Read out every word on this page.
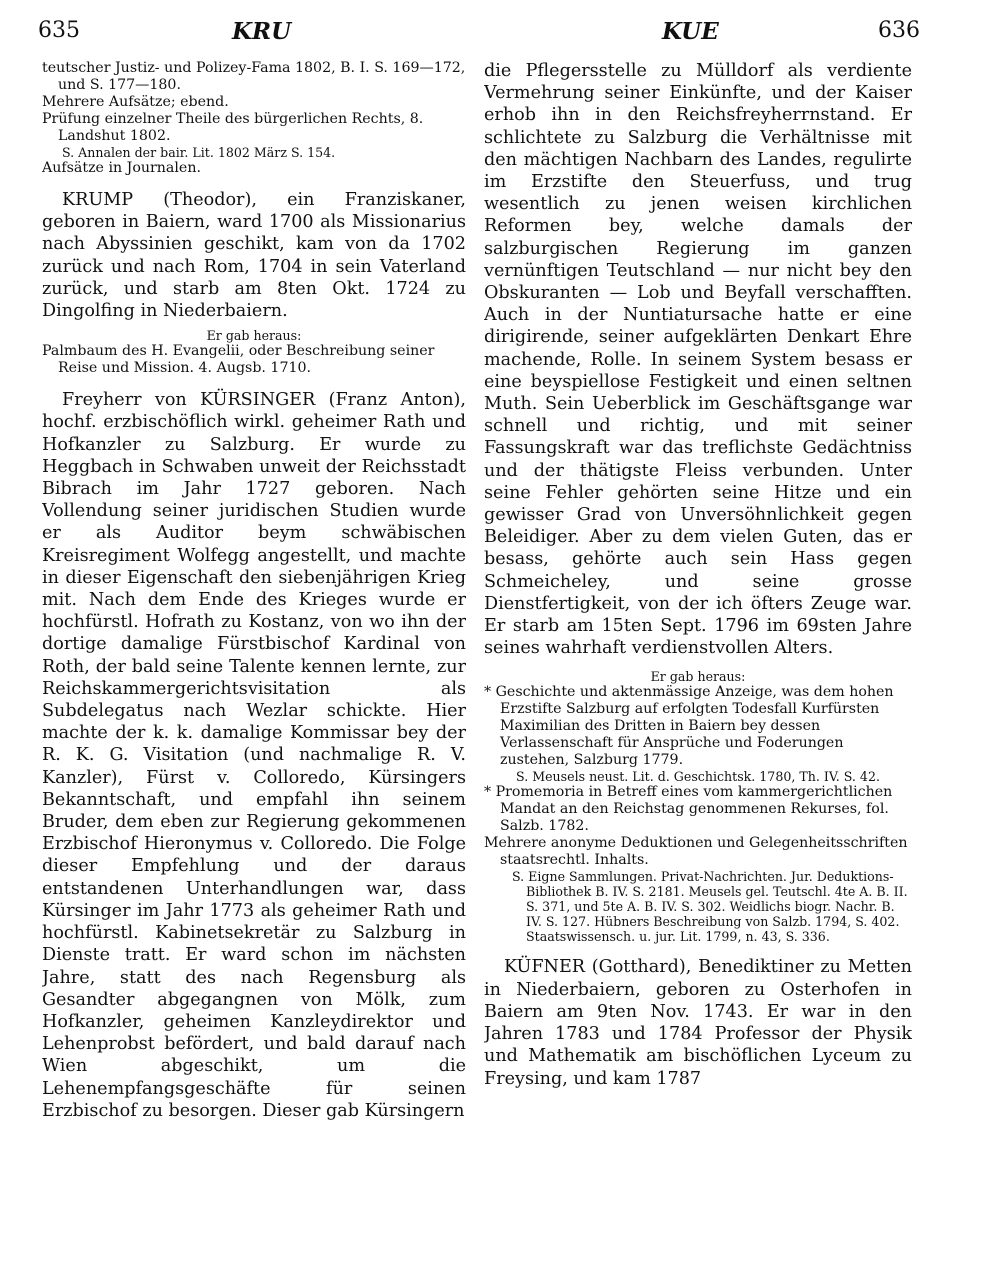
635	KRU	KUE	636

teutscher Justiz- und Polizey-Fama 1802, B. I. S. 169—172, und S. 177—180.

Mehrere Aufsätze; ebend.

Prüfung einzelner Theile des bürgerlichen Rechts, 8. Landshut 1802.

S. Annalen der bair. Lit. 1802 März S. 154.

Aufsätze in Journalen.

KRUMP (Theodor), ein Franziskaner, geboren in Baiern, ward 1700 als Missionarius nach Abyssinien geschikt, kam von da 1702 zurück und nach Rom, 1704 in sein Vaterland zurück, und starb am 8ten Okt. 1724 zu Dingolfing in Niederbaiern.

Er gab heraus:

Palmbaum des H. Evangelii, oder Beschreibung seiner Reise und Mission. 4. Augsb. 1710.

Freyherr von KÜRSINGER (Franz Anton), hochf. erzbischöflich wirkl. geheimer Rath und Hofkanzler zu Salzburg. Er wurde zu Heggbach in Schwaben unweit der Reichsstadt Bibrach im Jahr 1727 geboren. Nach Vollendung seiner juridischen Studien wurde er als Auditor beym schwäbischen Kreisregiment Wolfegg angestellt, und machte in dieser Eigenschaft den siebenjährigen Krieg mit. Nach dem Ende des Krieges wurde er hochfürstl. Hofrath zu Kostanz, von wo ihn der dortige damalige Fürstbischof Kardinal von Roth, der bald seine Talente kennen lernte, zur Reichskammergerichtsvisitation als Subdelegatus nach Wezlar schickte. Hier machte der k. k. damalige Kommissar bey der R. K. G. Visitation (und nachmalige R. V. Kanzler), Fürst v. Colloredo, Kürsingers Bekanntschaft, und empfahl ihn seinem Bruder, dem eben zur Regierung gekommenen Erzbischof Hieronymus v. Colloredo. Die Folge dieser Empfehlung und der daraus entstandenen Unterhandlungen war, dass Kürsinger im Jahr 1773 als geheimer Rath und hochfürstl. Kabinetsekretär zu Salzburg in Dienste tratt. Er ward schon im nächsten Jahre, statt des nach Regensburg als Gesandter abgegangnen von Mölk, zum Hofkanzler, geheimen Kanzleydirektor und Lehenprobst befördert, und bald darauf nach Wien abgeschikt, um die Lehenempfangsgeschäfte für seinen Erzbischof zu besorgen. Dieser gab Kürsingern

die Pflegersstelle zu Mülldorf als verdiente Vermehrung seiner Einkünfte, und der Kaiser erhob ihn in den Reichsfreyherrnstand. Er schlichtete zu Salzburg die Verhältnisse mit den mächtigen Nachbarn des Landes, regulirte im Erzstifte den Steuerfuss, und trug wesentlich zu jenen weisen kirchlichen Reformen bey, welche damals der salzburgischen Regierung im ganzen vernünftigen Teutschland — nur nicht bey den Obskuranten — Lob und Beyfall verschafften. Auch in der Nuntiatursache hatte er eine dirigirende, seiner aufgeklärten Denkart Ehre machende, Rolle. In seinem System besass er eine beyspiellose Festigkeit und einen seltnen Muth. Sein Ueberblick im Geschäftsgange war schnell und richtig, und mit seiner Fassungskraft war das treflichste Gedächtniss und der thätigste Fleiss verbunden. Unter seine Fehler gehörten seine Hitze und ein gewisser Grad von Unversöhnlichkeit gegen Beleidiger. Aber zu dem vielen Guten, das er besass, gehörte auch sein Hass gegen Schmeicheley, und seine grosse Dienstfertigkeit, von der ich öfters Zeuge war. Er starb am 15ten Sept. 1796 im 69sten Jahre seines wahrhaft verdienstvollen Alters.

Er gab heraus:

* Geschichte und aktenmässige Anzeige, was dem hohen Erzstifte Salzburg auf erfolgten Todesfall Kurfürsten Maximilian des Dritten in Baiern bey dessen Verlassenschaft für Ansprüche und Foderungen zustehen, Salzburg 1779.

S. Meusels neust. Lit. d. Geschichtsk. 1780, Th. IV. S. 42.

* Promemoria in Betreff eines vom kammergerichtlichen Mandat an den Reichstag genommenen Rekurses, fol. Salzb. 1782.

Mehrere anonyme Deduktionen und Gelegenheitsschriften staatsrechtl. Inhalts.

S. Eigne Sammlungen. Privat-Nachrichten. Jur. Deduktions-Bibliothek B. IV. S. 2181. Meusels gel. Teutschl. 4te A. B. II. S. 371, und 5te A. B. IV. S. 302. Weidlichs biogr. Nachr. B. IV. S. 127. Hübners Beschreibung von Salzb. 1794, S. 402. Staatswissensch. u. jur. Lit. 1799, n. 43, S. 336.

KÜFNER (Gotthard), Benediktiner zu Metten in Niederbaiern, geboren zu Osterhofen in Baiern am 9ten Nov. 1743. Er war in den Jahren 1783 und 1784 Professor der Physik und Mathematik am bischöflichen Lyceum zu Freysing, und kam 1787
